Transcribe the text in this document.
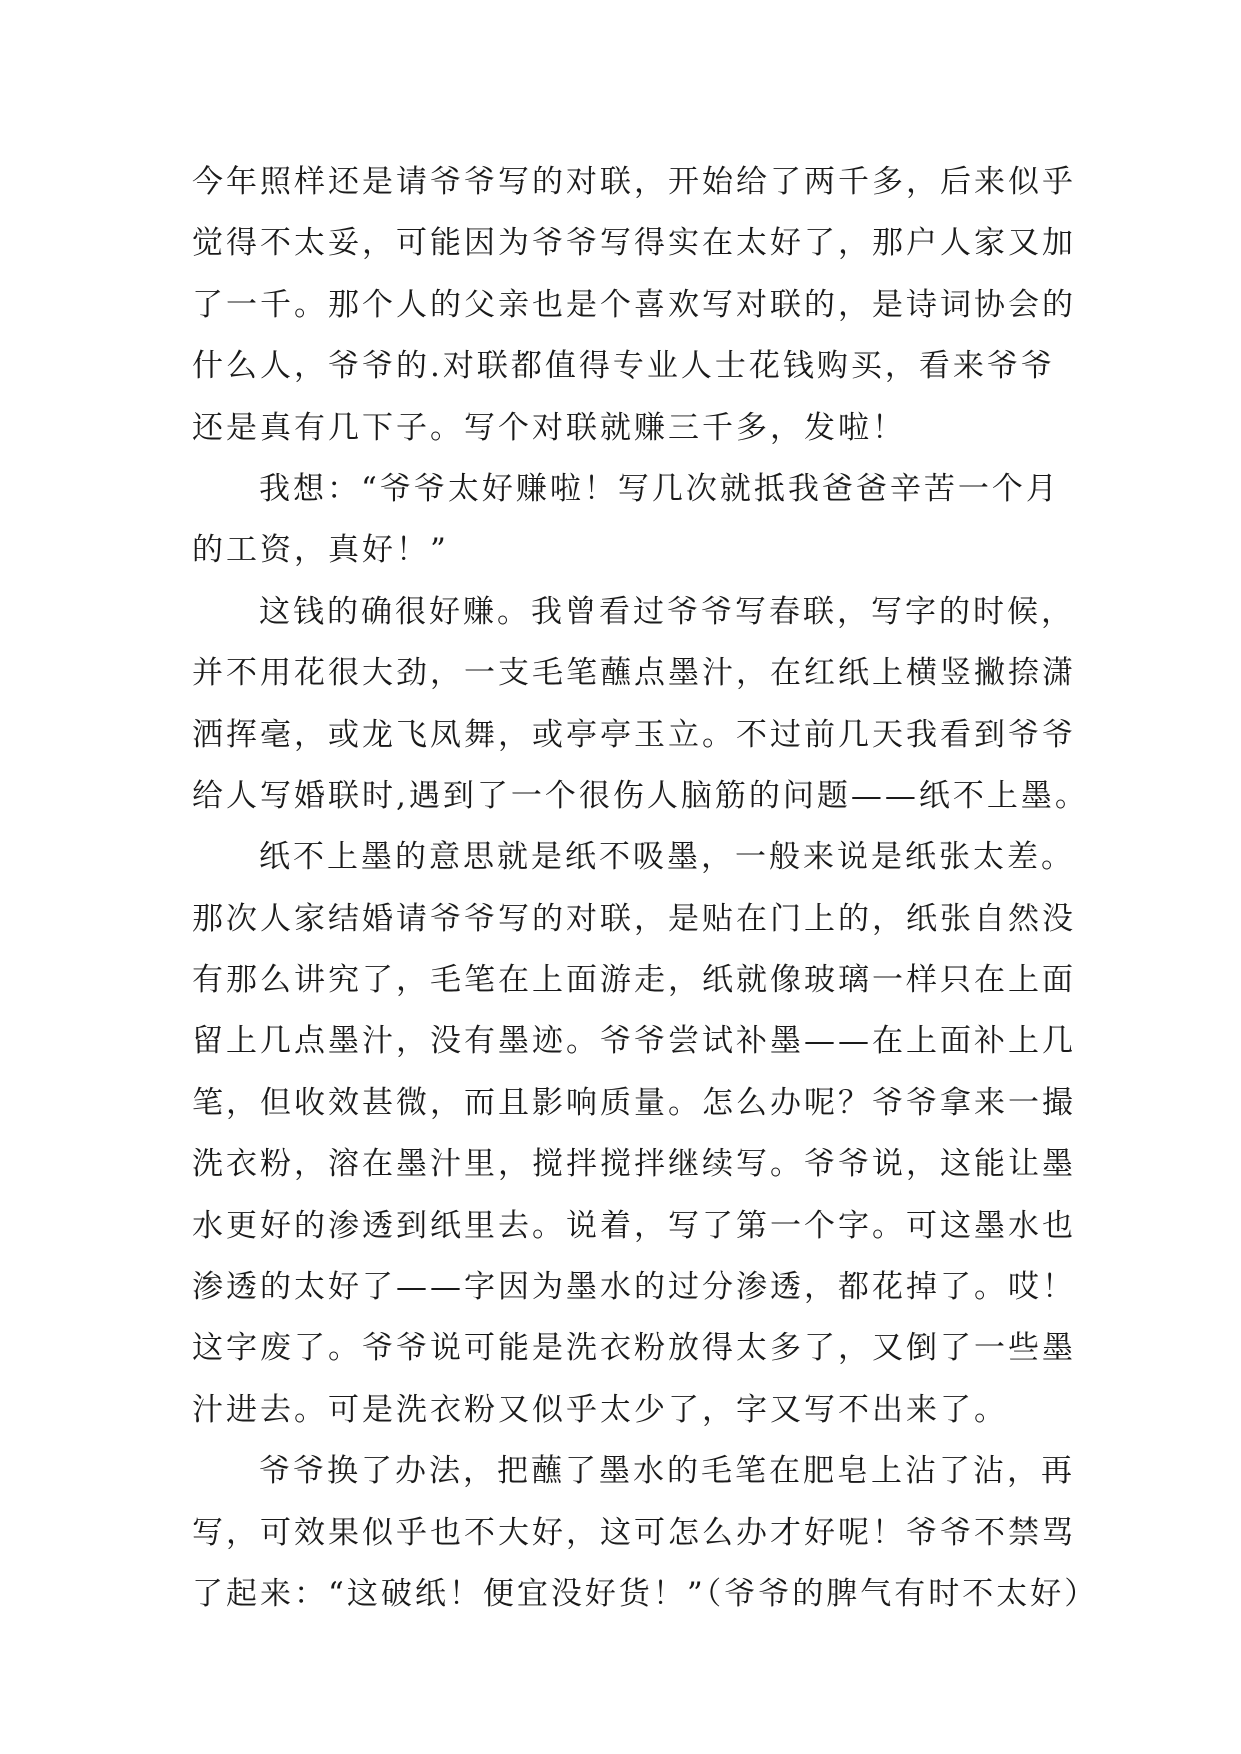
今年照样还是请爷爷写的对联，开始给了两千多，后来似乎
觉得不太妥，可能因为爷爷写得实在太好了，那户人家又加
了一千。那个人的父亲也是个喜欢写对联的，是诗词协会的
什么人，爷爷的.对联都值得专业人士花钱购买，看来爷爷
还是真有几下子。写个对联就赚三千多，发啦！
我想：“爷爷太好赚啦！写几次就抵我爸爸辛苦一个月
的工资，真好！”
这钱的确很好赚。我曾看过爷爷写春联，写字的时候，
并不用花很大劲，一支毛笔蘸点墨汁，在红纸上横竖撇捺潇
洒挥毫，或龙飞凤舞，或亭亭玉立。不过前几天我看到爷爷
给人写婚联时,遇到了一个很伤人脑筋的问题——纸不上墨。
纸不上墨的意思就是纸不吸墨，一般来说是纸张太差。
那次人家结婚请爷爷写的对联，是贴在门上的，纸张自然没
有那么讲究了，毛笔在上面游走，纸就像玻璃一样只在上面
留上几点墨汁，没有墨迹。爷爷尝试补墨——在上面补上几
笔，但收效甚微，而且影响质量。怎么办呢？爷爷拿来一撮
洗衣粉，溶在墨汁里，搅拌搅拌继续写。爷爷说，这能让墨
水更好的渗透到纸里去。说着，写了第一个字。可这墨水也
渗透的太好了——字因为墨水的过分渗透，都花掉了。哎！
这字废了。爷爷说可能是洗衣粉放得太多了，又倒了一些墨
汁进去。可是洗衣粉又似乎太少了，字又写不出来了。
爷爷换了办法，把蘸了墨水的毛笔在肥皂上沾了沾，再
写，可效果似乎也不大好，这可怎么办才好呢！爷爷不禁骂
了起来：“这破纸！便宜没好货！”（爷爷的脾气有时不太好）
